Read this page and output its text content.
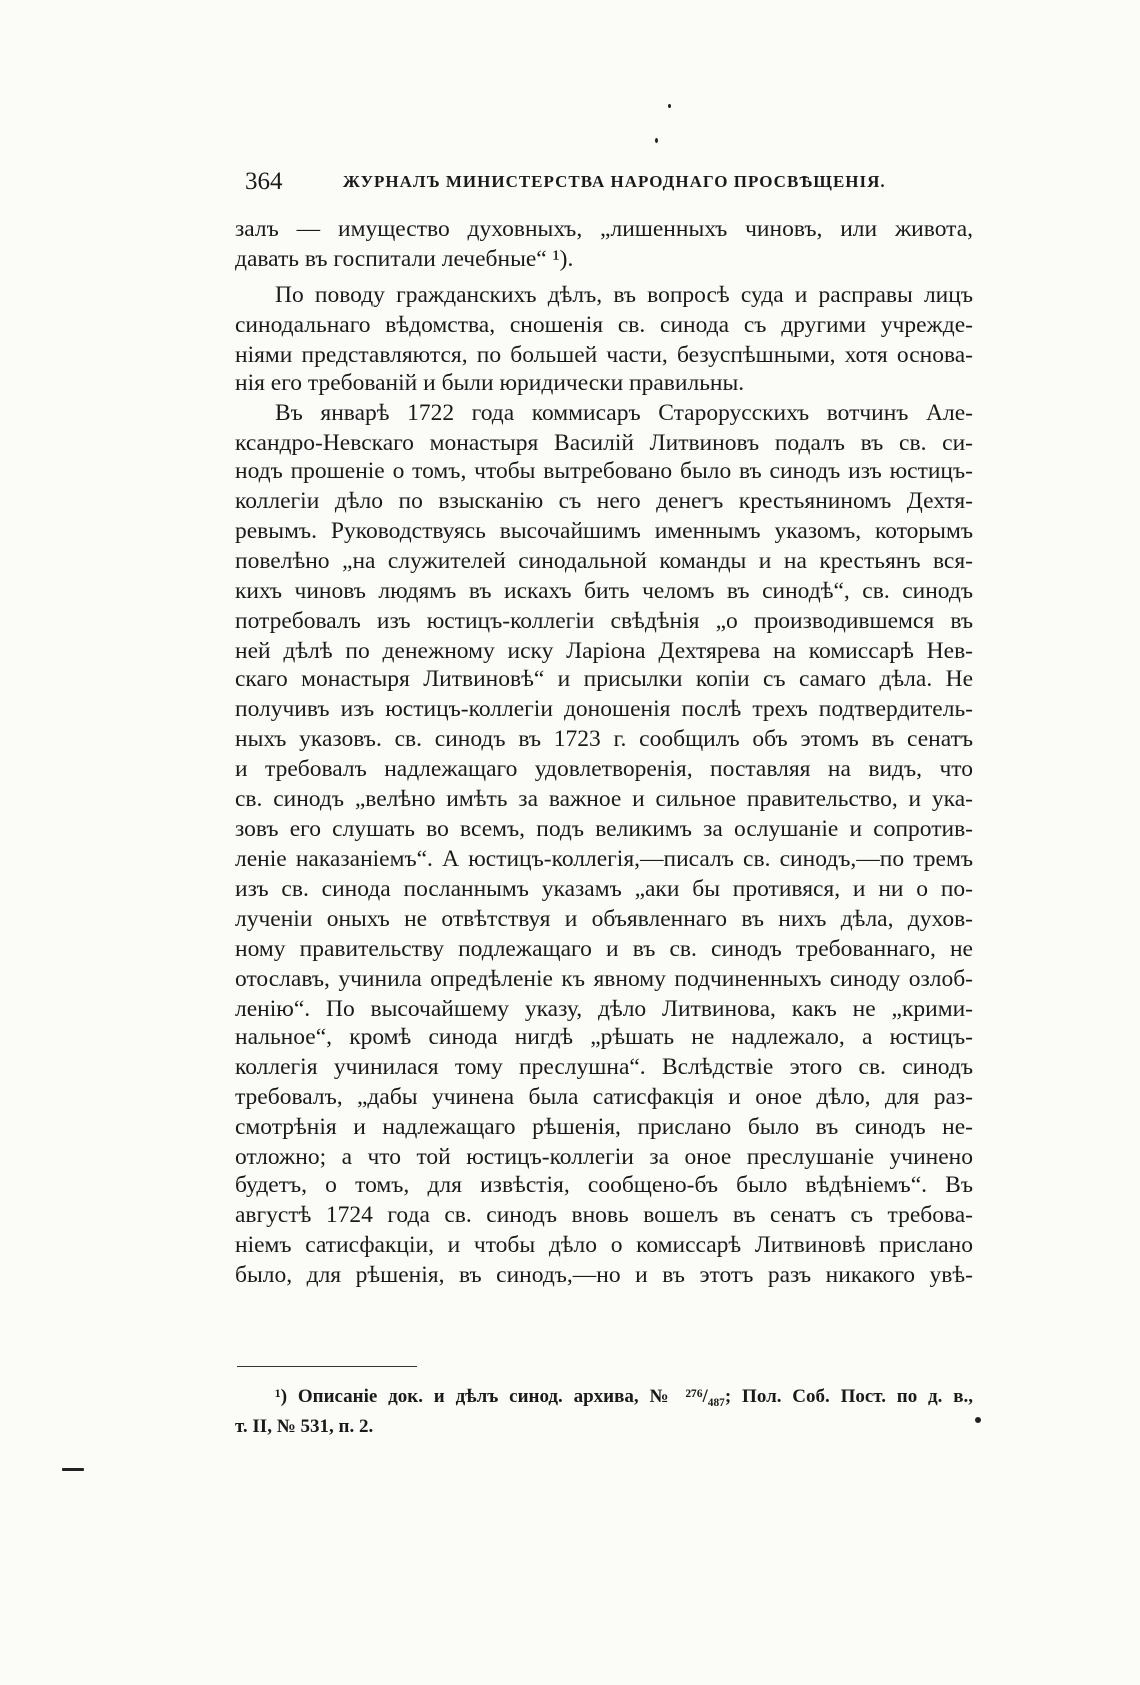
364	ЖУРНАЛЪ МИНИСТЕРСТВА НАРОДНАГО ПРОСВѢЩЕНІЯ.
залъ — имущество духовныхъ, „лишенныхъ чиновъ, или живота,
давать въ госпитали лечебные“ ¹).
По поводу гражданскихъ дѣлъ, въ вопросѣ суда и расправы лицъ
синодальнаго вѣдомства, сношенія св. синода съ другими учрежде-
ніями представляются, по большей части, безуспѣшными, хотя основа-
нія его требованій и были юридически правильны.
Въ январѣ 1722 года коммисаръ Старорусскихъ вотчинъ Але-
ксандро-Невскаго монастыря Василій Литвиновъ подалъ въ св. си-
нодъ прошеніе о томъ, чтобы вытребовано было въ синодъ изъ юстицъ-
коллегіи дѣло по взысканію съ него денегъ крестьяниномъ Дехтя-
ревымъ. Руководствуясь высочайшимъ именнымъ указомъ, которымъ
повелѣно „на служителей синодальной команды и на крестьянъ вся-
кихъ чиновъ людямъ въ искахъ бить челомъ въ синодѣ“, св. синодъ
потребовалъ изъ юстицъ-коллегіи свѣдѣнія „о производившемся въ
ней дѣлѣ по денежному иску Ларіона Дехтярева на комиссарѣ Нев-
скаго монастыря Литвиновѣ“ и присылки копіи съ самаго дѣла. Не
получивъ изъ юстицъ-коллегіи доношенія послѣ трехъ подтвердитель-
ныхъ указовъ. св. синодъ въ 1723 г. сообщилъ объ этомъ въ сенатъ
и требовалъ надлежащаго удовлетворенія, поставляя на видъ, что
св. синодъ „велѣно имѣть за важное и сильное правительство, и ука-
зовъ его слушать во всемъ, подъ великимъ за ослушаніе и сопротив-
леніе наказаніемъ“. А юстицъ-коллегія,—писалъ св. синодъ,—по тремъ
изъ св. синода посланнымъ указамъ „аки бы противяся, и ни о по-
лученіи оныхъ не отвѣтствуя и объявленнаго въ нихъ дѣла, духов-
ному правительству подлежащаго и въ св. синодъ требованнаго, не
отославъ, учинила опредѣленіе къ явному подчиненныхъ синоду озлоб-
ленію“. По высочайшему указу, дѣло Литвинова, какъ не „крими-
нальное“, кромѣ синода нигдѣ „рѣшать не надлежало, а юстицъ-
коллегія учинилася тому преслушна“. Вслѣдствіе этого св. синодъ
требовалъ, „дабы учинена была сатисфакція и оное дѣло, для раз-
смотрѣнія и надлежащаго рѣшенія, прислано было въ синодъ не-
отложно; а что той юстицъ-коллегіи за оное преслушаніе учинено
будетъ, о томъ, для извѣстія, сообщено-бъ было вѣдѣніемъ“. Въ
августѣ 1724 года св. синодъ вновь вошелъ въ сенатъ съ требова-
ніемъ сатисфакціи, и чтобы дѣло о комиссарѣ Литвиновѣ прислано
было, для рѣшенія, въ синодъ,—но и въ этотъ разъ никакого увѣ-
¹) Описаніе док. и дѣлъ синод. архива, № ²⁷⁶/₄₈₇; Пол. Соб. Пост. по д. в.,
т. II, № 531, п. 2.
